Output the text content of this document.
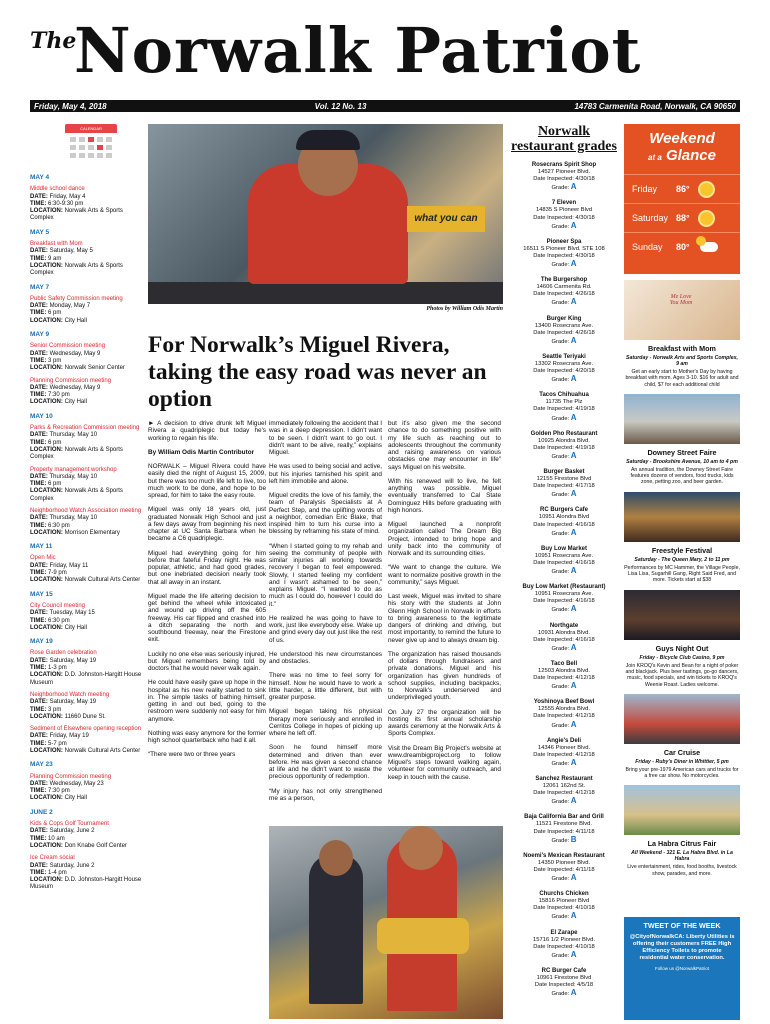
The
Norwalk Patriot
Friday, May 4, 2018	Vol. 12 No. 13	14783 Carmenita Road, Norwalk, CA 90650
CALENDAR
MAY 4
Middle school dance
DATE: Friday, May 4
TIME: 6:30-9:30 pm
LOCATION: Norwalk Arts & Sports Complex
MAY 5
Breakfast with Mom
DATE: Saturday, May 5
TIME: 9 am
LOCATION: Norwalk Arts & Sports Complex
MAY 7
Public Safety Commission meeting
DATE: Monday, May 7
TIME: 6 pm
LOCATION: City Hall
MAY 9
Senior Commission meeting
DATE: Wednesday, May 9
TIME: 3 pm
LOCATION: Norwalk Senior Center
Planning Commission meeting
DATE: Wednesday, May 9
TIME: 7:30 pm
LOCATION: City Hall
MAY 10
Parks & Recreation Commission meeting
DATE: Thursday, May 10
TIME: 6 pm
LOCATION: Norwalk Arts & Sports Complex
Property management workshop
DATE: Thursday, May 10
TIME: 6 pm
LOCATION: Norwalk Arts & Sports Complex
Neighborhood Watch Association meeting
DATE: Thursday, May 10
TIME: 6:30 pm
LOCATION: Morrison Elementary
MAY 11
Open Mic
DATE: Friday, May 11
TIME: 7-9 pm
LOCATION: Norwalk Cultural Arts Center
MAY 15
City Council meeting
DATE: Tuesday, May 15
TIME: 6:30 pm
LOCATION: City Hall
MAY 19
Rose Garden celebration
DATE: Saturday, May 19
TIME: 1-3 pm
LOCATION: D.D. Johnston-Hargitt House Museum
Neighborhood Watch meeting
DATE: Saturday, May 19
TIME: 3 pm
LOCATION: 11660 Dune St.
Sediment of Elsewhere opening reception
DATE: Friday, May 19
TIME: 5-7 pm
LOCATION: Norwalk Cultural Arts Center
MAY 23
Planning Commission meeting
DATE: Wednesday, May 23
TIME: 7:30 pm
LOCATION: City Hall
JUNE 2
Kids & Cops Golf Tournament
DATE: Saturday, June 2
TIME: 10 am
LOCATION: Don Knabe Golf Center
Ice Cream social
DATE: Saturday, June 2
TIME: 1-4 pm
LOCATION: D.D. Johnston-Hargitt House Museum
what you can
Photos by William Odis Martin
For Norwalk’s Miguel Rivera, taking the easy road was never an option

► A decision to drive drunk left Miguel Rivera a quadriplegic but today he's working to regain his life.

By William Odis Martin Contributor

NORWALK – Miguel Rivera could have easily died the night of August 15, 2009, but there was too much life left to live, too much work to be done, and hope to be spread, for him to take the easy route.

Miguel was only 18 years old, just graduated Norwalk High School and just a few days away from beginning his next chapter at UC Santa Barbara when he became a C6 quadriplegic.

Miguel had everything going for him before that fateful Friday night. He was popular, athletic, and had good grades, but one inebriated decision nearly took that all away in an instant.

Miguel made the life altering decision to get behind the wheel while intoxicated and wound up driving off the 605 freeway. His car flipped and crashed into a ditch separating the north and southbound freeway, near the Firestone exit.

Luckily no one else was seriously injured, but Miguel remembers being told by doctors that he would never walk again.

He could have easily gave up hope in the hospital as his new reality started to sink in. The simple tasks of bathing himself, getting in and out bed, going to the restroom were suddenly not easy for him anymore.

Nothing was easy anymore for the former high school quarterback who had it all.

“There were two or three years

immediately following the accident that I was in a deep depression. I didn't want to be seen. I didn't want to go out. I didn't want to be alive, really,” explains Miguel.

He was used to being social and active, but his injuries tarnished his spirit and left him immobile and alone.

Miguel credits the love of his family, the team of Paralysis Specialists at A Perfect Step, and the uplifting words of a neighbor, comedian Eric Blake, that inspired him to turn his curse into a blessing by reframing his state of mind.

“When I started going to my rehab and seeing the community of people with similar injuries all working towards recovery I began to feel empowered. Slowly, I started feeling my confident and I wasn't ashamed to be seen,” explains Miguel. “I wanted to do as much as I could do, however I could do it.”

He realized he was going to have to work, just like everybody else. Wake up and grind every day out just like the rest of us.

He understood his new circumstances and obstacles.

There was no time to feel sorry for himself. Now he would have to work a little harder, a little different, but with greater purpose.

Miguel began taking his physical therapy more seriously and enrolled in Cerritos College in hopes of picking up where he left off.

Soon he found himself more determined and driven than ever before. He was given a second chance at life and he didn't want to waste the precious opportunity of redemption.

“My injury has not only strengthened me as a person,

but it's also given me the second chance to do something positive with my life such as reaching out to adolescents throughout the community and raising awareness on various obstacles one may encounter in life” says Miguel on his website.

With his renewed will to live, he felt anything was possible. Miguel eventually transferred to Cal State Dominguez Hills before graduating with high honors.

Miguel launched a nonprofit organization called The Dream Big Project, intended to bring hope and unity back into the community of Norwalk and its surrounding cities.

“We want to change the culture. We want to normalize positive growth in the community,” says Miguel.

Last week, Miguel was invited to share his story with the students at John Glenn High School in Norwalk in efforts to bring awareness to the legitimate dangers of drinking and driving, but most importantly, to remind the future to never give up and to always dream big.

The organization has raised thousands of dollars through fundraisers and private donations. Miguel and his organization has given hundreds of school supplies, including backpacks, to Norwalk's underserved and underprivileged youth.

On July 27 the organization will be hosting its first annual scholarship awards ceremony at the Norwalk Arts & Sports Complex.

Visit the Dream Big Project's website at www.dreambigproject.org to follow Miguel's steps toward walking again, volunteer for community outreach, and keep in touch with the cause.

Norwalk restaurant grades
Rosecrans Spirit Shop
14527 Pioneer Blvd.
Date Inspected: 4/30/18
Grade: A
7 Eleven
14835 S Pioneer Blvd
Date Inspected: 4/30/18
Grade: A
Pioneer Spa
16511 S Pioneer Blvd. STE 108
Date Inspected: 4/30/18
Grade: A
The Burgershop
14606 Carmenita Rd.
Date Inspected: 4/26/18
Grade: A
Burger King
13400 Rosecrans Ave.
Date Inspected: 4/26/18
Grade: A
Seattle Teriyaki
13302 Rosecrans Ave.
Date Inspected: 4/20/18
Grade: A
Tacos Chihuahua
11735 The Plz
Date Inspected: 4/19/18
Grade: A
Golden Pho Restaurant
10925 Alondra Blvd.
Date Inspected: 4/19/18
Grade: A
Burger Basket
12155 Firestone Blvd
Date Inspected: 4/17/18
Grade: A
RC Burgers Cafe
10951 Alondra Blvd
Date Inspected: 4/16/18
Grade: A
Buy Low Market
10951 Rosecrans Ave.
Date Inspected: 4/16/18
Grade: A
Buy Low Market (Restaurant)
10951 Rosecrans Ave.
Date Inspected: 4/16/18
Grade: A
Northgate
10931 Alondra Blvd.
Date Inspected: 4/16/18
Grade: A
Taco Bell
12503 Alondra Blvd.
Date Inspected: 4/12/18
Grade: A
Yoshinoya Beef Bowl
12555 Alondra Blvd.
Date Inspected: 4/12/18
Grade: A
Angie's Deli
14346 Pioneer Blvd.
Date Inspected: 4/12/18
Grade: A
Sanchez Restaurant
12061 162nd St.
Date Inspected: 4/12/18
Grade: A
Baja California Bar and Grill
11521 Firestone Blvd.
Date Inspected: 4/11/18
Grade: B
Noemi's Mexican Restaurant
14350 Pioneer Blvd.
Date Inspected: 4/11/18
Grade: A
Churchs Chicken
15816 Pioneer Blvd
Date Inspected: 4/10/18
Grade: A
El Zarape
15716 1/2 Pioneer Blvd.
Date Inspected: 4/10/18
Grade: A
RC Burger Cafe
10961 Firestone Blvd
Date Inspected: 4/5/18
Grade: A
Weekend
at a Glance
Friday	86°
Saturday 88°
Sunday	80°
Me Love You Mom
Breakfast with Mom
Saturday - Norwalk Arts and Sports Complex, 9 am
Get an early start to Mother's Day by having breakfast with mom. Ages 3-10. $16 for adult and child, $7 for each additional child
Downey Street Faire
Saturday - Brookshire Avenue, 10 am to 4 pm
An annual tradition, the Downey Street Faire features dozens of vendors, food trucks, kids zone, petting zoo, and beer garden.
Freestyle Festival
Saturday - The Queen Mary, 2 to 11 pm
Performances by MC Hammer, the Village People, Lisa Lisa, Sugarhill Gang, Right Said Fred, and more. Tickets start at $38
Guys Night Out
Friday - Bicycle Club Casino, 9 pm
Join KROQ's Kevin and Bean for a night of poker and blackjack. Plus beer tastings, go-go dancers, music, food specials, and win tickets to KROQ's Weenie Roast. Ladies welcome.
Car Cruise
Friday - Ruby's Diner in Whittier, 5 pm
Bring your pre-1979 American cars and trucks for a free car show. No motorcycles.
La Habra Citrus Fair
All Weekend - 321 E. La Habra Blvd. in La Habra
Live entertainment, rides, food booths, livestock show, parades, and more.
TWEET OF THE WEEK
@CityofNorwalkCA: Liberty Utilities is offering their customers FREE High Efficiency Toilets to promote residential water conservation.
Follow us @NorwalkPatriot
